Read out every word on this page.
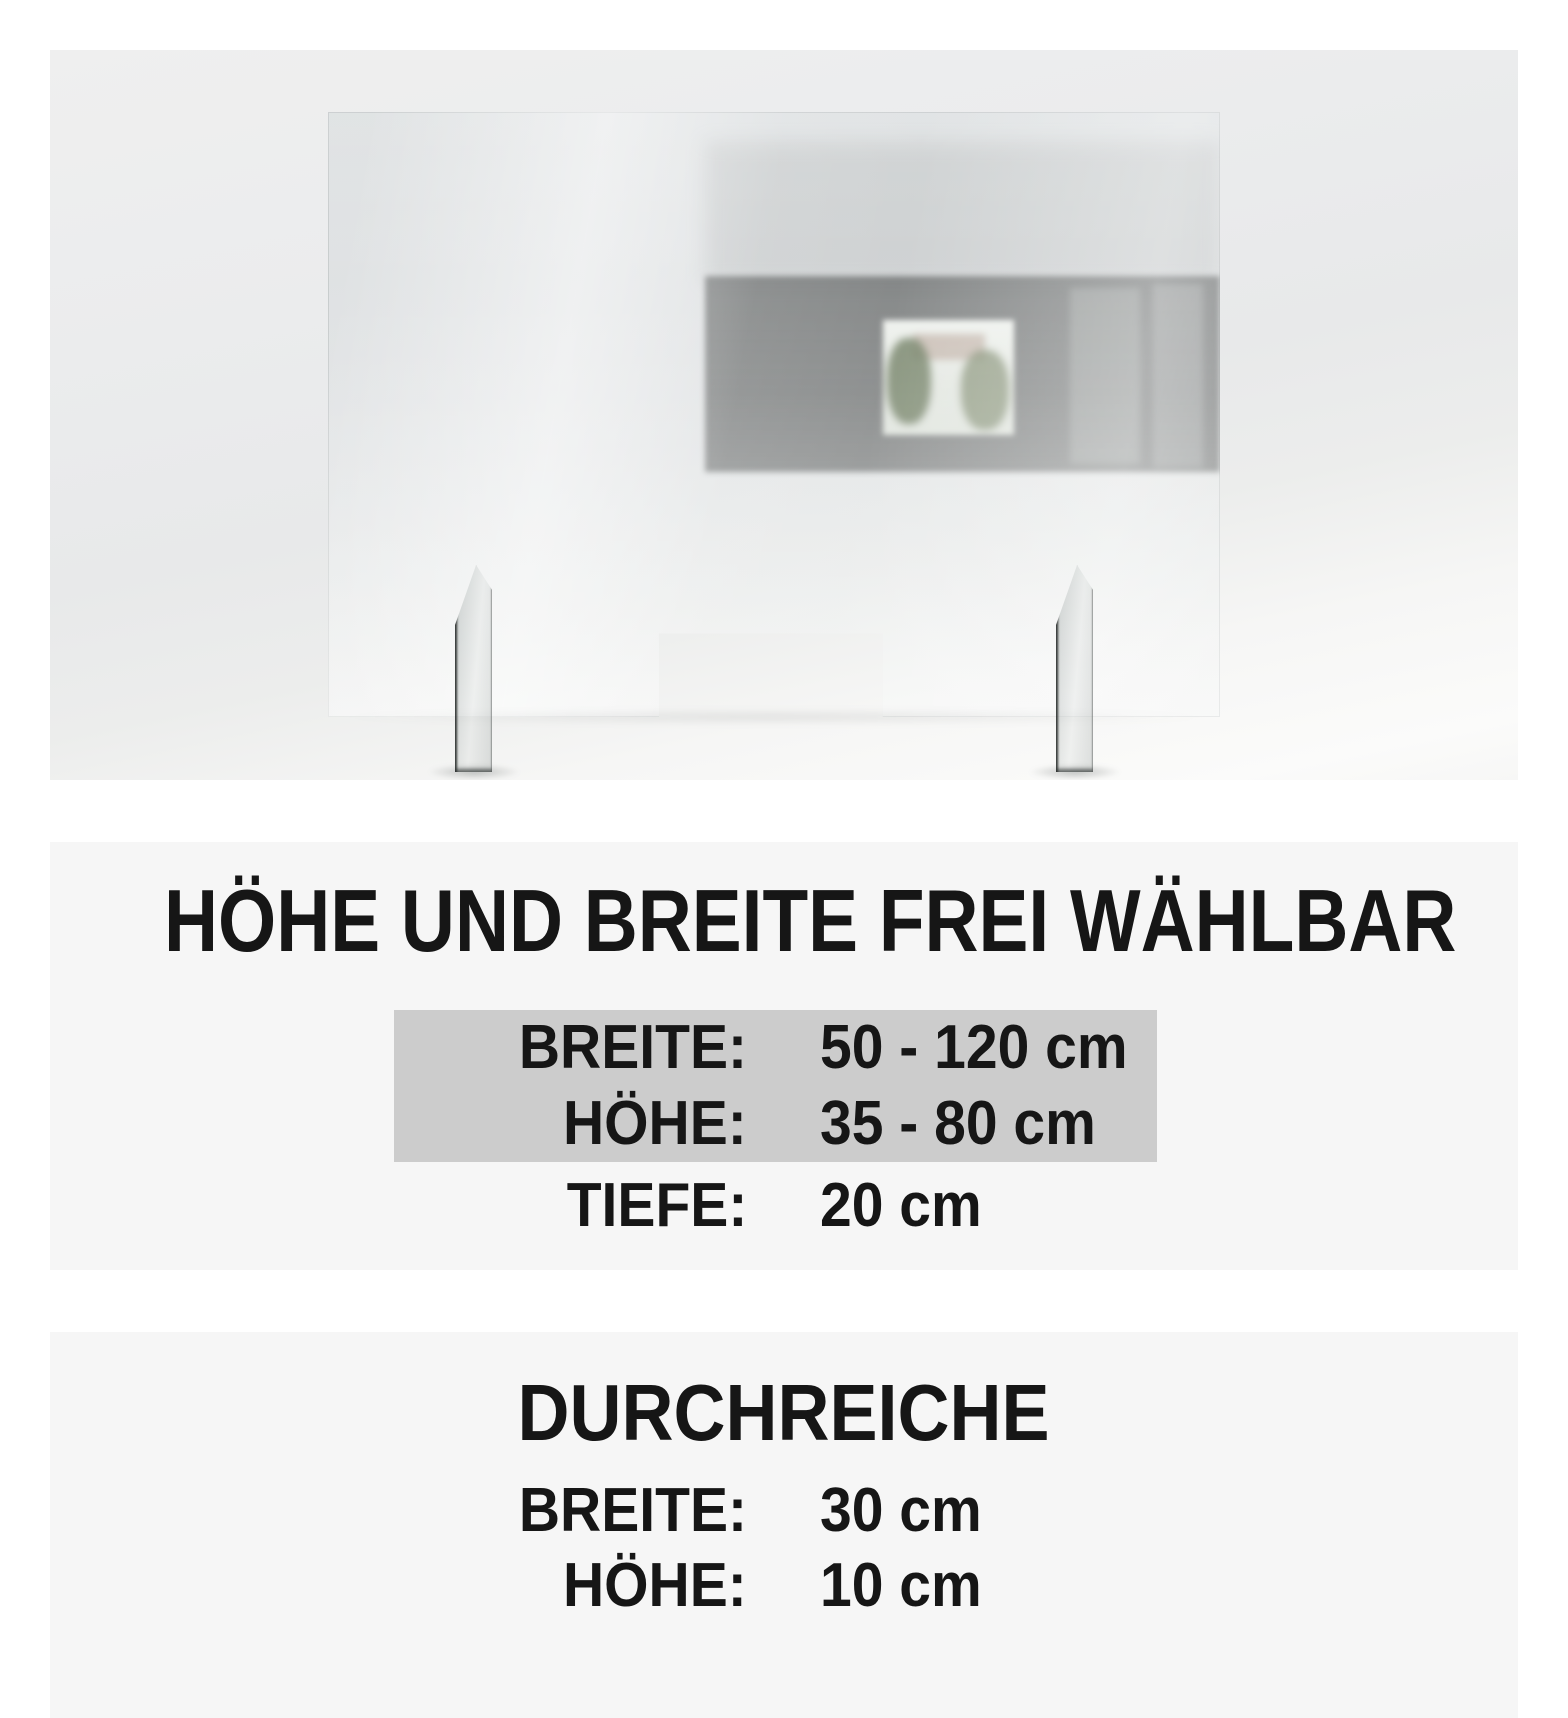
HÖHE UND BREITE FREI WÄHLBAR
BREITE: 50 - 120 cm
HÖHE: 35 - 80 cm
TIEFE: 20 cm
DURCHREICHE
BREITE: 30 cm
HÖHE: 10 cm
